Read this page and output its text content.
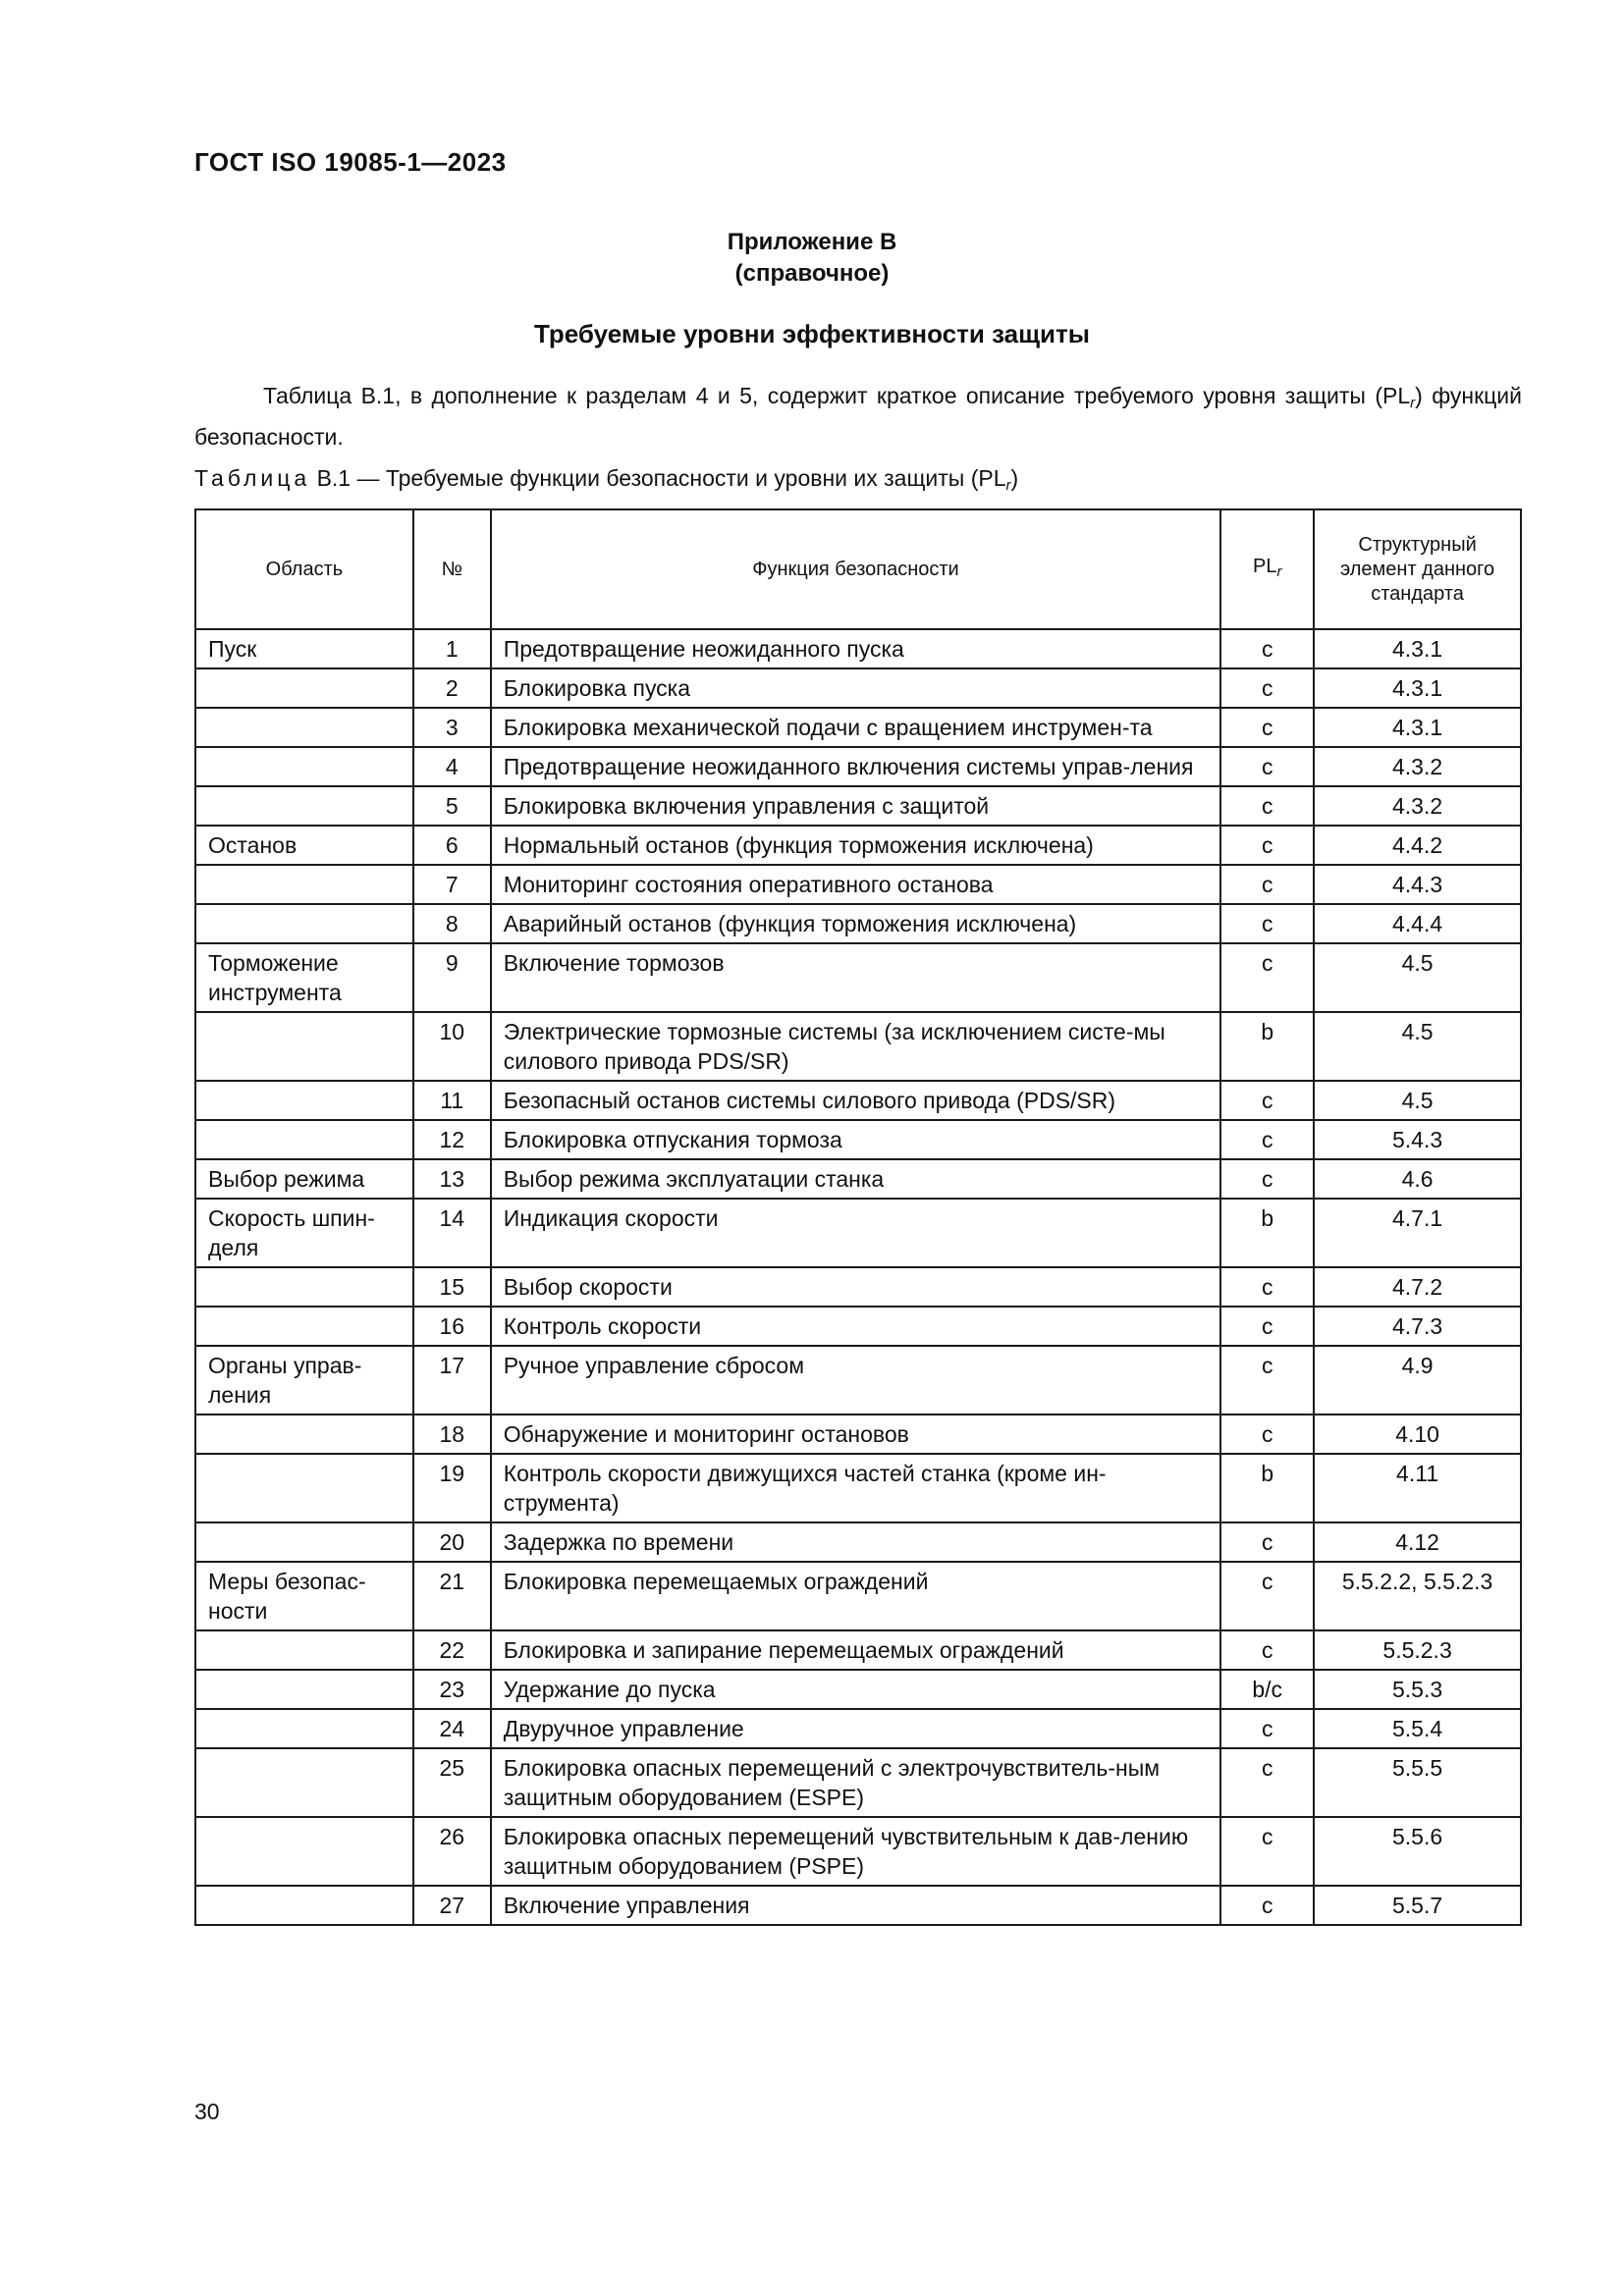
ГОСТ ISO 19085-1—2023
Приложение В
(справочное)
Требуемые уровни эффективности защиты
Таблица В.1, в дополнение к разделам 4 и 5, содержит краткое описание требуемого уровня защиты $(PL_r)$ функций безопасности.
Таблица В.1 — Требуемые функции безопасности и уровни их защиты $(PL_r)$
Область	№	Функция безопасности	$PL_r$	Структурный элемент данного стандарта
Пуск	1	Предотвращение неожиданного пуска	c	4.3.1
	2	Блокировка пуска	c	4.3.1
	3	Блокировка механической подачи с вращением инструмен-та	c	4.3.1
	4	Предотвращение неожиданного включения системы управ-ления	c	4.3.2
	5	Блокировка включения управления с защитой	c	4.3.2
Останов	6	Нормальный останов (функция торможения исключена)	c	4.4.2
	7	Мониторинг состояния оперативного останова	c	4.4.3
	8	Аварийный останов (функция торможения исключена)	c	4.4.4
Торможение инструмента	9	Включение тормозов	c	4.5
	10	Электрические тормозные системы (за исключением систе-мы силового привода PDS/SR)	b	4.5
	11	Безопасный останов системы силового привода (PDS/SR)	c	4.5
	12	Блокировка отпускания тормоза	c	5.4.3
Выбор режима	13	Выбор режима эксплуатации станка	c	4.6
Скорость шпин-деля	14	Индикация скорости	b	4.7.1
	15	Выбор скорости	c	4.7.2
	16	Контроль скорости	c	4.7.3
Органы управ-ления	17	Ручное управление сбросом	c	4.9
	18	Обнаружение и мониторинг остановов	c	4.10
	19	Контроль скорости движущихся частей станка (кроме ин-струмента)	b	4.11
	20	Задержка по времени	c	4.12
Меры безопас-ности	21	Блокировка перемещаемых ограждений	c	5.5.2.2, 5.5.2.3
	22	Блокировка и запирание перемещаемых ограждений	c	5.5.2.3
	23	Удержание до пуска	b/c	5.5.3
	24	Двуручное управление	c	5.5.4
	25	Блокировка опасных перемещений с электрочувствитель-ным защитным оборудованием (ESPE)	c	5.5.5
	26	Блокировка опасных перемещений чувствительным к дав-лению защитным оборудованием (PSPE)	c	5.5.6
	27	Включение управления	c	5.5.7
30
